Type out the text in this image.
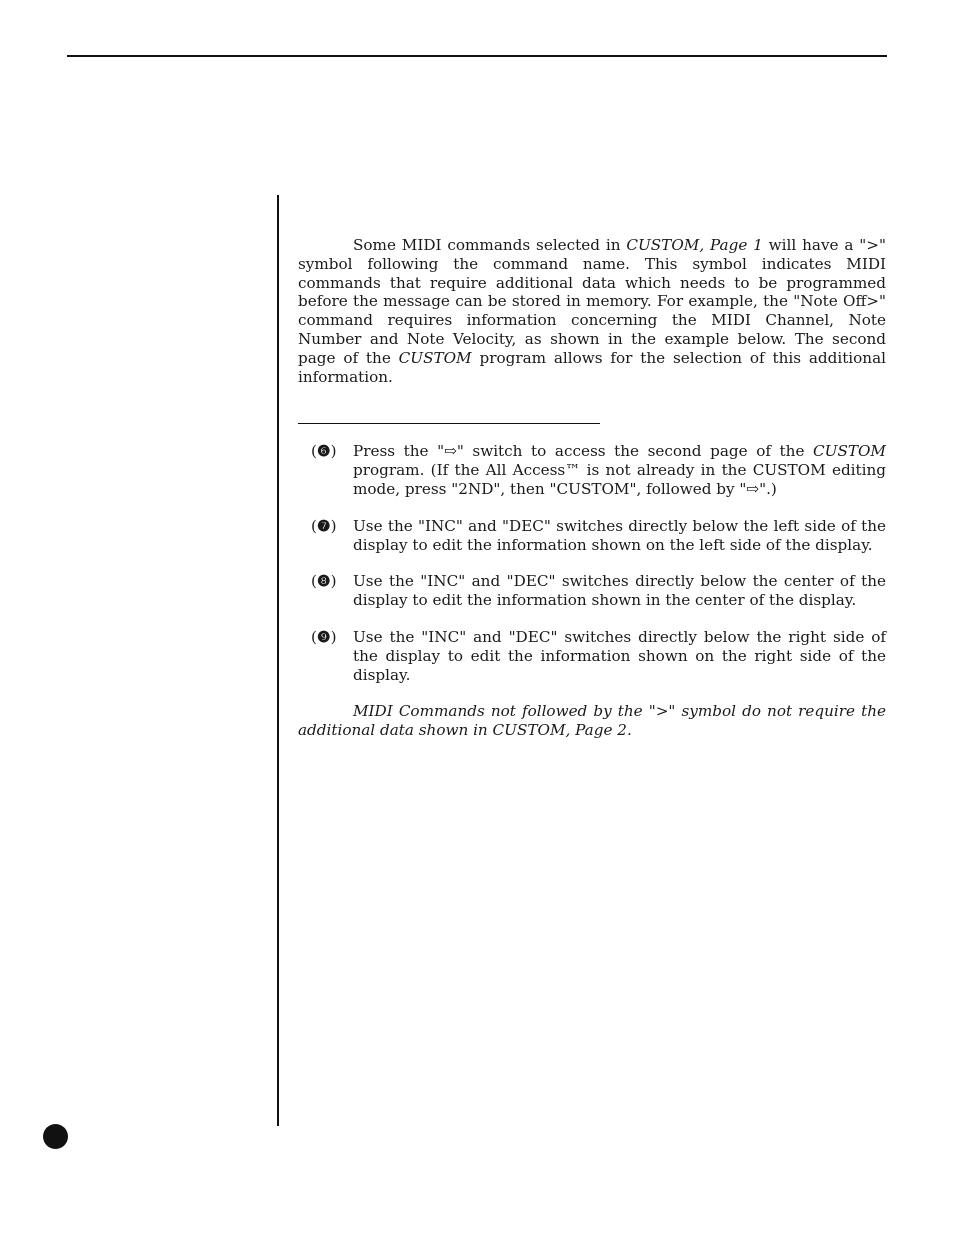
Some MIDI commands selected in CUSTOM, Page 1 will have a ">" symbol following the command name. This symbol indicates MIDI commands that require additional data which needs to be programmed before the message can be stored in memory. For example, the "Note Off>" command requires information concerning the MIDI Channel, Note Number and Note Velocity, as shown in the example below. The second page of the CUSTOM program allows for the selection of this additional information.

(❻)	Press the "⇨" switch to access the second page of the CUSTOM program. (If the All Access™ is not already in the CUSTOM editing mode, press "2ND", then "CUSTOM", followed by "⇨".)

(❼)	Use the "INC" and "DEC" switches directly below the left side of the display to edit the information shown on the left side of the display.

(❽)	Use the "INC" and "DEC" switches directly below the center of the display to edit the information shown in the center of the display.

(❾)	Use the "INC" and "DEC" switches directly below the right side of the display to edit the information shown on the right side of the display.

MIDI Commands not followed by the ">" symbol do not require the additional data shown in CUSTOM, Page 2.
